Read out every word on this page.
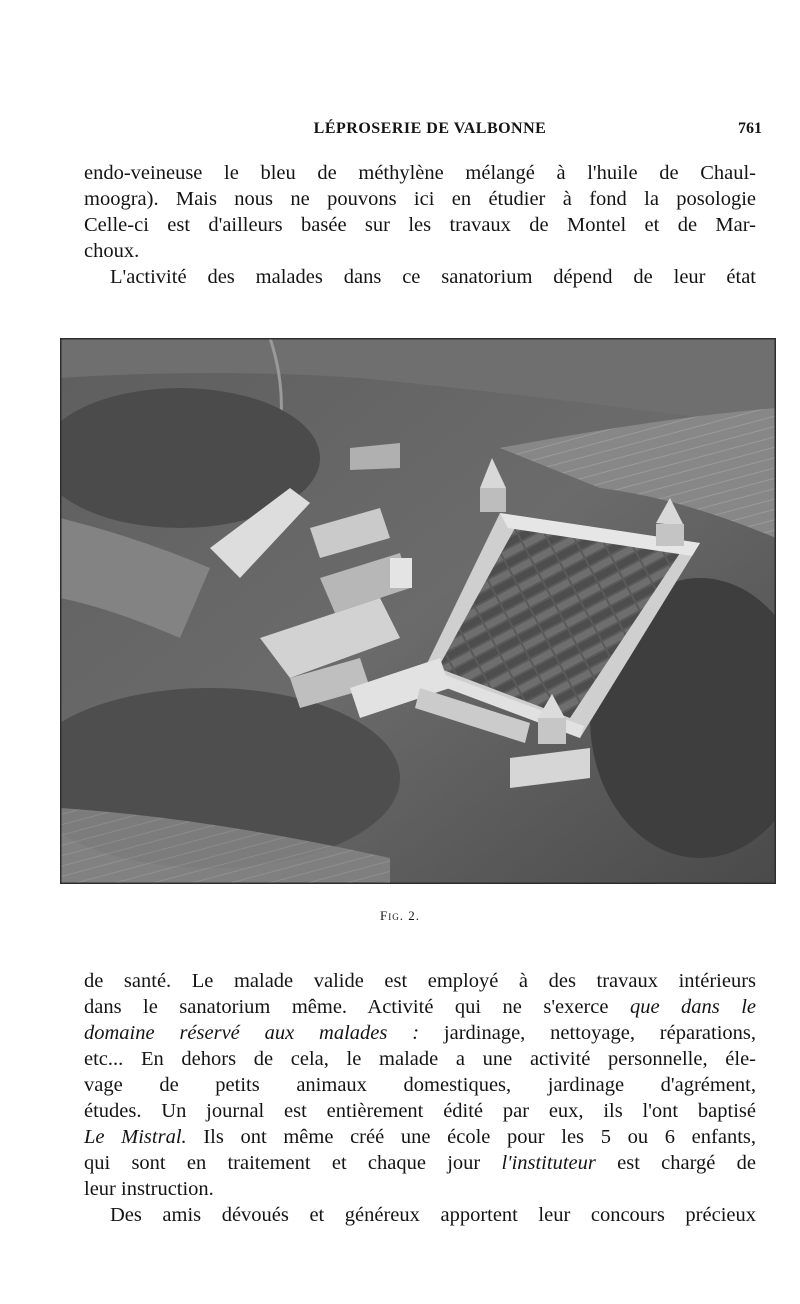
LÉPROSERIE DE VALBONNE	761
endo-veineuse le bleu de méthylène mélangé à l'huile de Chaul-
moogra). Mais nous ne pouvons ici en étudier à fond la posologie
Celle-ci est d'ailleurs basée sur les travaux de Montel et de Mar-
choux.
L'activité des malades dans ce sanatorium dépend de leur état
Fig. 2.
de santé. Le malade valide est employé à des travaux intérieurs
dans le sanatorium même. Activité qui ne s'exerce que dans le
domaine réservé aux malades : jardinage, nettoyage, réparations,
etc... En dehors de cela, le malade a une activité personnelle, éle-
vage de petits animaux domestiques, jardinage d'agrément,
études. Un journal est entièrement édité par eux, ils l'ont baptisé
Le Mistral. Ils ont même créé une école pour les 5 ou 6 enfants,
qui sont en traitement et chaque jour l'instituteur est chargé de
leur instruction.
Des amis dévoués et généreux apportent leur concours précieux
